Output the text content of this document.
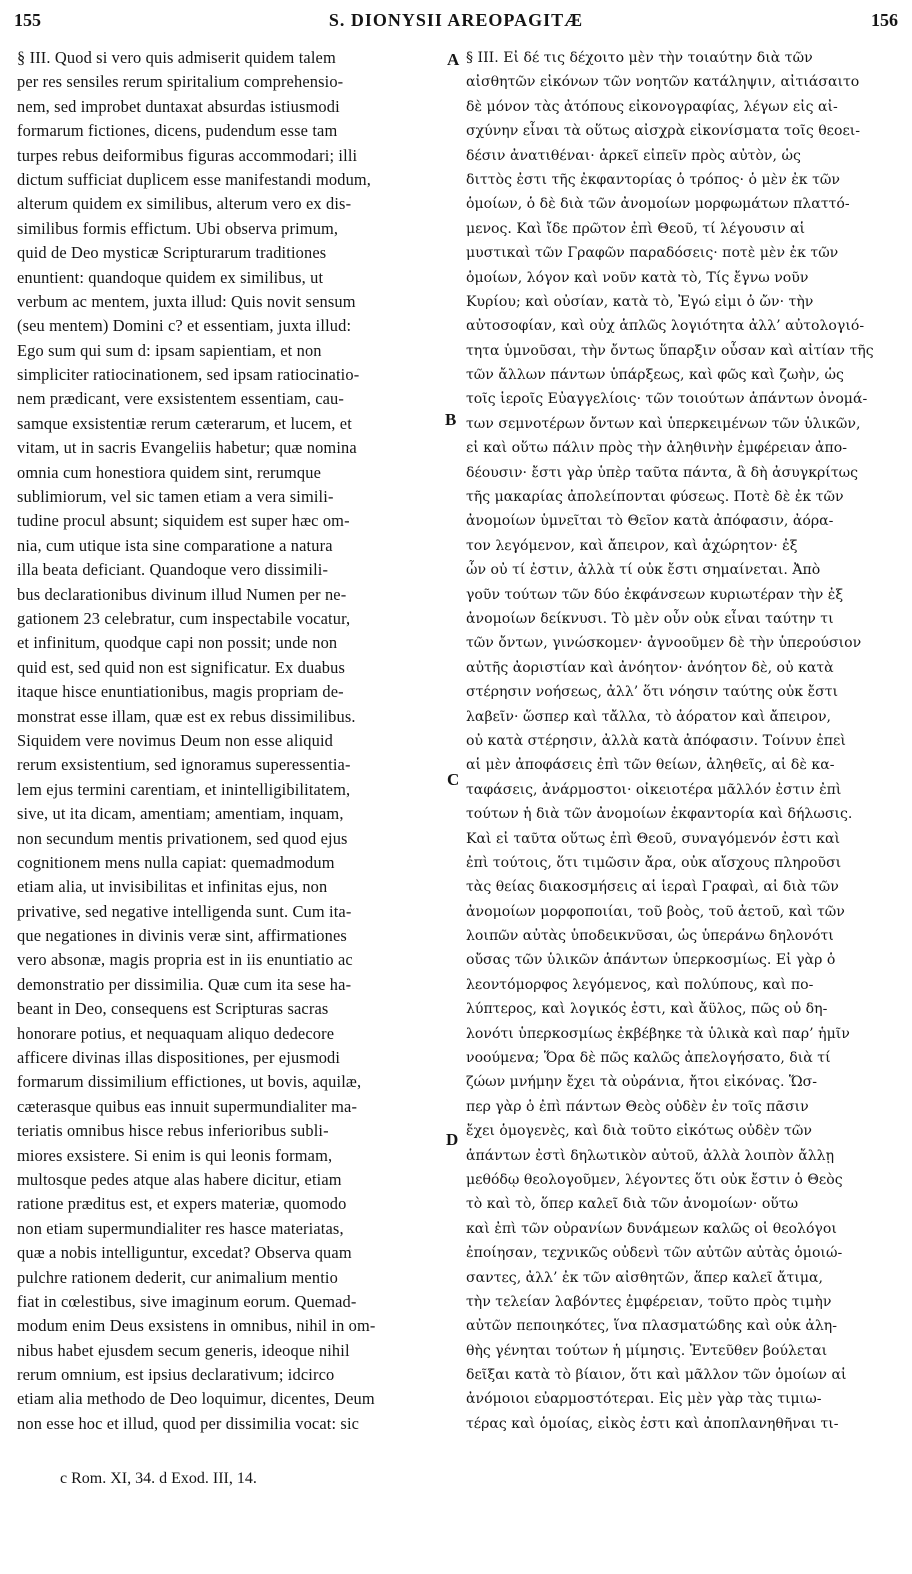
155	S. DIONYSII AREOPAGITÆ	156
§ III. Quod si vero quis admiserit quidem talem
per res sensiles rerum spiritalium comprehensio-
nem, sed improbet duntaxat absurdas istiusmodi
formarum fictiones, dicens, pudendum esse tam
turpes rebus deiformibus figuras accommodari; illi
dictum sufficiat duplicem esse manifestandi modum,
alterum quidem ex similibus, alterum vero ex dis-
similibus formis effictum. Ubi observa primum,
quid de Deo mysticæ Scripturarum traditiones
enuntient: quandoque quidem ex similibus, ut
verbum ac mentem, juxta illud: Quis novit sensum
(seu mentem) Domini c? et essentiam, juxta illud:
Ego sum qui sum d: ipsam sapientiam, et non
simpliciter ratiocinationem, sed ipsam ratiocinatio-
nem prædicant, vere exsistentem essentiam, cau-
samque exsistentiæ rerum cæterarum, et lucem, et
vitam, ut in sacris Evangeliis habetur; quæ nomina
omnia cum honestiora quidem sint, rerumque
sublimiorum, vel sic tamen etiam a vera simili-
tudine procul absunt; siquidem est super hæc om-
nia, cum utique ista sine comparatione a natura
illa beata deficiant. Quandoque vero dissimili-
bus declarationibus divinum illud Numen per ne-
gationem 23 celebratur, cum inspectabile vocatur,
et infinitum, quodque capi non possit; unde non
quid est, sed quid non est significatur. Ex duabus
itaque hisce enuntiationibus, magis propriam de-
monstrat esse illam, quæ est ex rebus dissimilibus.
Siquidem vere novimus Deum non esse aliquid
rerum exsistentium, sed ignoramus superessentia-
lem ejus termini carentiam, et inintelligibilitatem,
sive, ut ita dicam, amentiam; amentiam, inquam,
non secundum mentis privationem, sed quod ejus
cognitionem mens nulla capiat: quemadmodum
etiam alia, ut invisibilitas et infinitas ejus, non
privative, sed negative intelligenda sunt. Cum ita-
que negationes in divinis veræ sint, affirmationes
vero absonæ, magis propria est in iis enuntiatio ac
demonstratio per dissimilia. Quæ cum ita sese ha-
beant in Deo, consequens est Scripturas sacras
honorare potius, et nequaquam aliquo dedecore
afficere divinas illas dispositiones, per ejusmodi
formarum dissimilium effictiones, ut bovis, aquilæ,
cæterasque quibus eas innuit supermundialiter ma-
teriatis omnibus hisce rebus inferioribus subli-
miores exsistere. Si enim is qui leonis formam,
multosque pedes atque alas habere dicitur, etiam
ratione præditus est, et expers materiæ, quomodo
non etiam supermundialiter res hasce materiatas,
quæ a nobis intelliguntur, excedat? Observa quam
pulchre rationem dederit, cur animalium mentio
fiat in cœlestibus, sive imaginum eorum. Quemad-
modum enim Deus exsistens in omnibus, nihil in om-
nibus habet ejusdem secum generis, ideoque nihil
rerum omnium, est ipsius declarativum; idcirco
etiam alia methodo de Deo loquimur, dicentes, Deum
non esse hoc et illud, quod per dissimilia vocat: sic
§ III. Εἰ δέ τις δέχοιτο μὲν τὴν τοιαύτην διὰ τῶν
αἰσθητῶν εἰκόνων τῶν νοητῶν κατάληψιν, αἰτιάσαιτο
δὲ μόνον τὰς ἀτόπους εἰκονογραφίας, λέγων εἰς αἰ-
σχύνην εἶναι τὰ οὕτως αἰσχρὰ εἰκονίσματα τοῖς θεοει-
δέσιν ἀνατιθέναι· ἀρκεῖ εἰπεῖν πρὸς αὐτὸν, ὡς
διττὸς ἐστι τῆς ἐκφαντορίας ὁ τρόπος· ὁ μὲν ἐκ τῶν
ὁμοίων, ὁ δὲ διὰ τῶν ἀνομοίων μορφωμάτων πλαττό-
μενος. Καὶ ἴδε πρῶτον ἐπὶ Θεοῦ, τί λέγουσιν αἱ
μυστικαὶ τῶν Γραφῶν παραδόσεις· ποτὲ μὲν ἐκ τῶν
ὁμοίων, λόγον καὶ νοῦν κατὰ τὸ, Τίς ἔγνω νοῦν
Κυρίου; καὶ οὐσίαν, κατὰ τὸ, Ἐγώ εἰμι ὁ ὤν· τὴν
αὐτοσοφίαν, καὶ οὐχ ἁπλῶς λογιότητα ἀλλ’ αὐτολογιό-
τητα ὑμνοῦσαι, τὴν ὄντως ὕπαρξιν οὖσαν καὶ αἰτίαν τῆς
τῶν ἄλλων πάντων ὑπάρξεως, καὶ φῶς καὶ ζωὴν, ὡς
τοῖς ἱεροῖς Εὐαγγελίοις· τῶν τοιούτων ἁπάντων ὀνομά-
των σεμνοτέρων ὄντων καὶ ὑπερκειμένων τῶν ὑλικῶν,
εἰ καὶ οὕτω πάλιν πρὸς τὴν ἀληθινὴν ἐμφέρειαν ἀπο-
δέουσιν· ἔστι γὰρ ὑπὲρ ταῦτα πάντα, ἃ δὴ ἀσυγκρίτως
τῆς μακαρίας ἀπολείπονται φύσεως. Ποτὲ δὲ ἐκ τῶν
ἀνομοίων ὑμνεῖται τὸ Θεῖον κατὰ ἀπόφασιν, ἀόρα-
τον λεγόμενον, καὶ ἄπειρον, καὶ ἀχώρητον· ἐξ
ὧν οὐ τί ἐστιν, ἀλλὰ τί οὐκ ἔστι σημαίνεται. Ἀπὸ
γοῦν τούτων τῶν δύο ἐκφάνσεων κυριωτέραν τὴν ἐξ
ἀνομοίων δείκνυσι. Τὸ μὲν οὖν οὐκ εἶναι ταύτην τι
τῶν ὄντων, γινώσκομεν· ἀγνοοῦμεν δὲ τὴν ὑπερούσιον
αὐτῆς ἀοριστίαν καὶ ἀνόητον· ἀνόητον δὲ, οὐ κατὰ
στέρησιν νοήσεως, ἀλλ’ ὅτι νόησιν ταύτης οὐκ ἔστι
λαβεῖν· ὥσπερ καὶ τἄλλα, τὸ ἀόρατον καὶ ἄπειρον,
οὐ κατὰ στέρησιν, ἀλλὰ κατὰ ἀπόφασιν. Τοίνυν ἐπεὶ
αἱ μὲν ἀποφάσεις ἐπὶ τῶν θείων, ἀληθεῖς, αἱ δὲ κα-
ταφάσεις, ἀνάρμοστοι· οἰκειοτέρα μᾶλλόν ἐστιν ἐπὶ
τούτων ἡ διὰ τῶν ἀνομοίων ἐκφαντορία καὶ δήλωσις.
Καὶ εἰ ταῦτα οὕτως ἐπὶ Θεοῦ, συναγόμενόν ἐστι καὶ
ἐπὶ τούτοις, ὅτι τιμῶσιν ἄρα, οὐκ αἴσχους πληροῦσι
τὰς θείας διακοσμήσεις αἱ ἱεραὶ Γραφαὶ, αἱ διὰ τῶν
ἀνομοίων μορφοποιίαι, τοῦ βοὸς, τοῦ ἀετοῦ, καὶ τῶν
λοιπῶν αὐτὰς ὑποδεικνῦσαι, ὡς ὑπεράνω δηλονότι
οὔσας τῶν ὑλικῶν ἁπάντων ὑπερκοσμίως. Εἰ γὰρ ὁ
λεοντόμορφος λεγόμενος, καὶ πολύπους, καὶ πο-
λύπτερος, καὶ λογικός ἐστι, καὶ ἄϋλος, πῶς οὐ δη-
λονότι ὑπερκοσμίως ἐκβέβηκε τὰ ὑλικὰ καὶ παρ’ ἡμῖν
νοούμενα; Ὅρα δὲ πῶς καλῶς ἀπελογήσατο, διὰ τί
ζώων μνήμην ἔχει τὰ οὐράνια, ἤτοι εἰκόνας. Ὥσ-
περ γὰρ ὁ ἐπὶ πάντων Θεὸς οὐδὲν ἐν τοῖς πᾶσιν
ἔχει ὁμογενὲς, καὶ διὰ τοῦτο εἰκότως οὐδὲν τῶν
ἁπάντων ἐστὶ δηλωτικὸν αὐτοῦ, ἀλλὰ λοιπὸν ἄλλῃ
μεθόδῳ θεολογοῦμεν, λέγοντες ὅτι οὐκ ἔστιν ὁ Θεὸς
τὸ καὶ τὸ, ὅπερ καλεῖ διὰ τῶν ἀνομοίων· οὕτω
καὶ ἐπὶ τῶν οὐρανίων δυνάμεων καλῶς οἱ θεολόγοι
ἐποίησαν, τεχνικῶς οὐδενὶ τῶν αὐτῶν αὐτὰς ὁμοιώ-
σαντες, ἀλλ’ ἐκ τῶν αἰσθητῶν, ἅπερ καλεῖ ἄτιμα,
τὴν τελείαν λαβόντες ἐμφέρειαν, τοῦτο πρὸς τιμὴν
αὐτῶν πεποιηκότες, ἵνα πλασματώδης καὶ οὐκ ἀλη-
θὴς γένηται τούτων ἡ μίμησις. Ἐντεῦθεν βούλεται
δεῖξαι κατὰ τὸ βίαιον, ὅτι καὶ μᾶλλον τῶν ὁμοίων αἱ
ἀνόμοιοι εὐαρμοστότεραι. Εἰς μὲν γὰρ τὰς τιμιω-
τέρας καὶ ὁμοίας, εἰκὸς ἐστι καὶ ἀποπλανηθῆναι τι-
A
B
C
D
c Rom. XI, 34. d Exod. III, 14.
